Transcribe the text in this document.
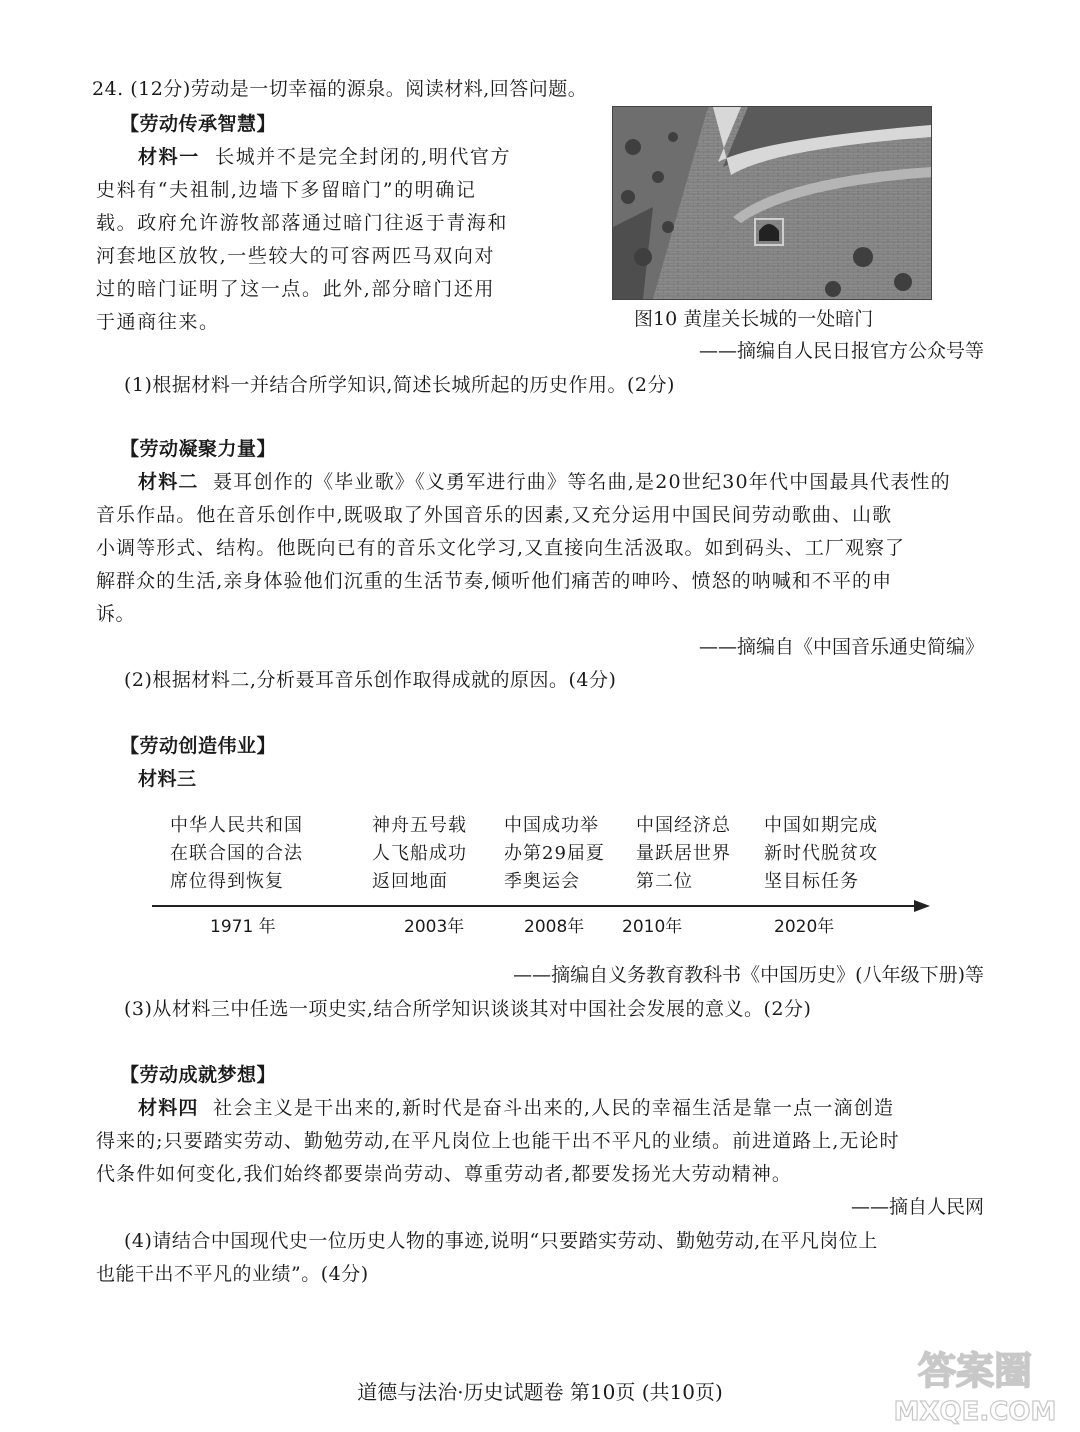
24. (12分)劳动是一切幸福的源泉。阅读材料,回答问题。
【劳动传承智慧】
材料一 长城并不是完全封闭的,明代官方
史料有“夫祖制,边墙下多留暗门”的明确记
载。政府允许游牧部落通过暗门往返于青海和
河套地区放牧,一些较大的可容两匹马双向对
过的暗门证明了这一点。此外,部分暗门还用
于通商往来。	图10 黄崖关长城的一处暗门
——摘编自人民日报官方公众号等
(1)根据材料一并结合所学知识,简述长城所起的历史作用。(2分)
【劳动凝聚力量】
材料二 聂耳创作的《毕业歌》《义勇军进行曲》等名曲,是20世纪30年代中国最具代表性的
音乐作品。他在音乐创作中,既吸取了外国音乐的因素,又充分运用中国民间劳动歌曲、山歌
小调等形式、结构。他既向已有的音乐文化学习,又直接向生活汲取。如到码头、工厂观察了
解群众的生活,亲身体验他们沉重的生活节奏,倾听他们痛苦的呻吟、愤怒的呐喊和不平的申
诉。
——摘编自《中国音乐通史简编》
(2)根据材料二,分析聂耳音乐创作取得成就的原因。(4分)
【劳动创造伟业】
材料三
中华人民共和国
在联合国的合法
席位得到恢复
1971 年
神舟五号载
人飞船成功
返回地面
2003年
中国成功举
办第29届夏
季奥运会
2008年
中国经济总
量跃居世界
第二位
2010年
中国如期完成
新时代脱贫攻
坚目标任务
2020年
——摘编自义务教育教科书《中国历史》(八年级下册)等
(3)从材料三中任选一项史实,结合所学知识谈谈其对中国社会发展的意义。(2分)
【劳动成就梦想】
材料四 社会主义是干出来的,新时代是奋斗出来的,人民的幸福生活是靠一点一滴创造
得来的;只要踏实劳动、勤勉劳动,在平凡岗位上也能干出不平凡的业绩。前进道路上,无论时
代条件如何变化,我们始终都要崇尚劳动、尊重劳动者,都要发扬光大劳动精神。
——摘自人民网
(4)请结合中国现代史一位历史人物的事迹,说明“只要踏实劳动、勤勉劳动,在平凡岗位上
也能干出不平凡的业绩”。(4分)
道德与法治·历史试题卷 第10页 (共10页)	答案圈
MXQE.COM
